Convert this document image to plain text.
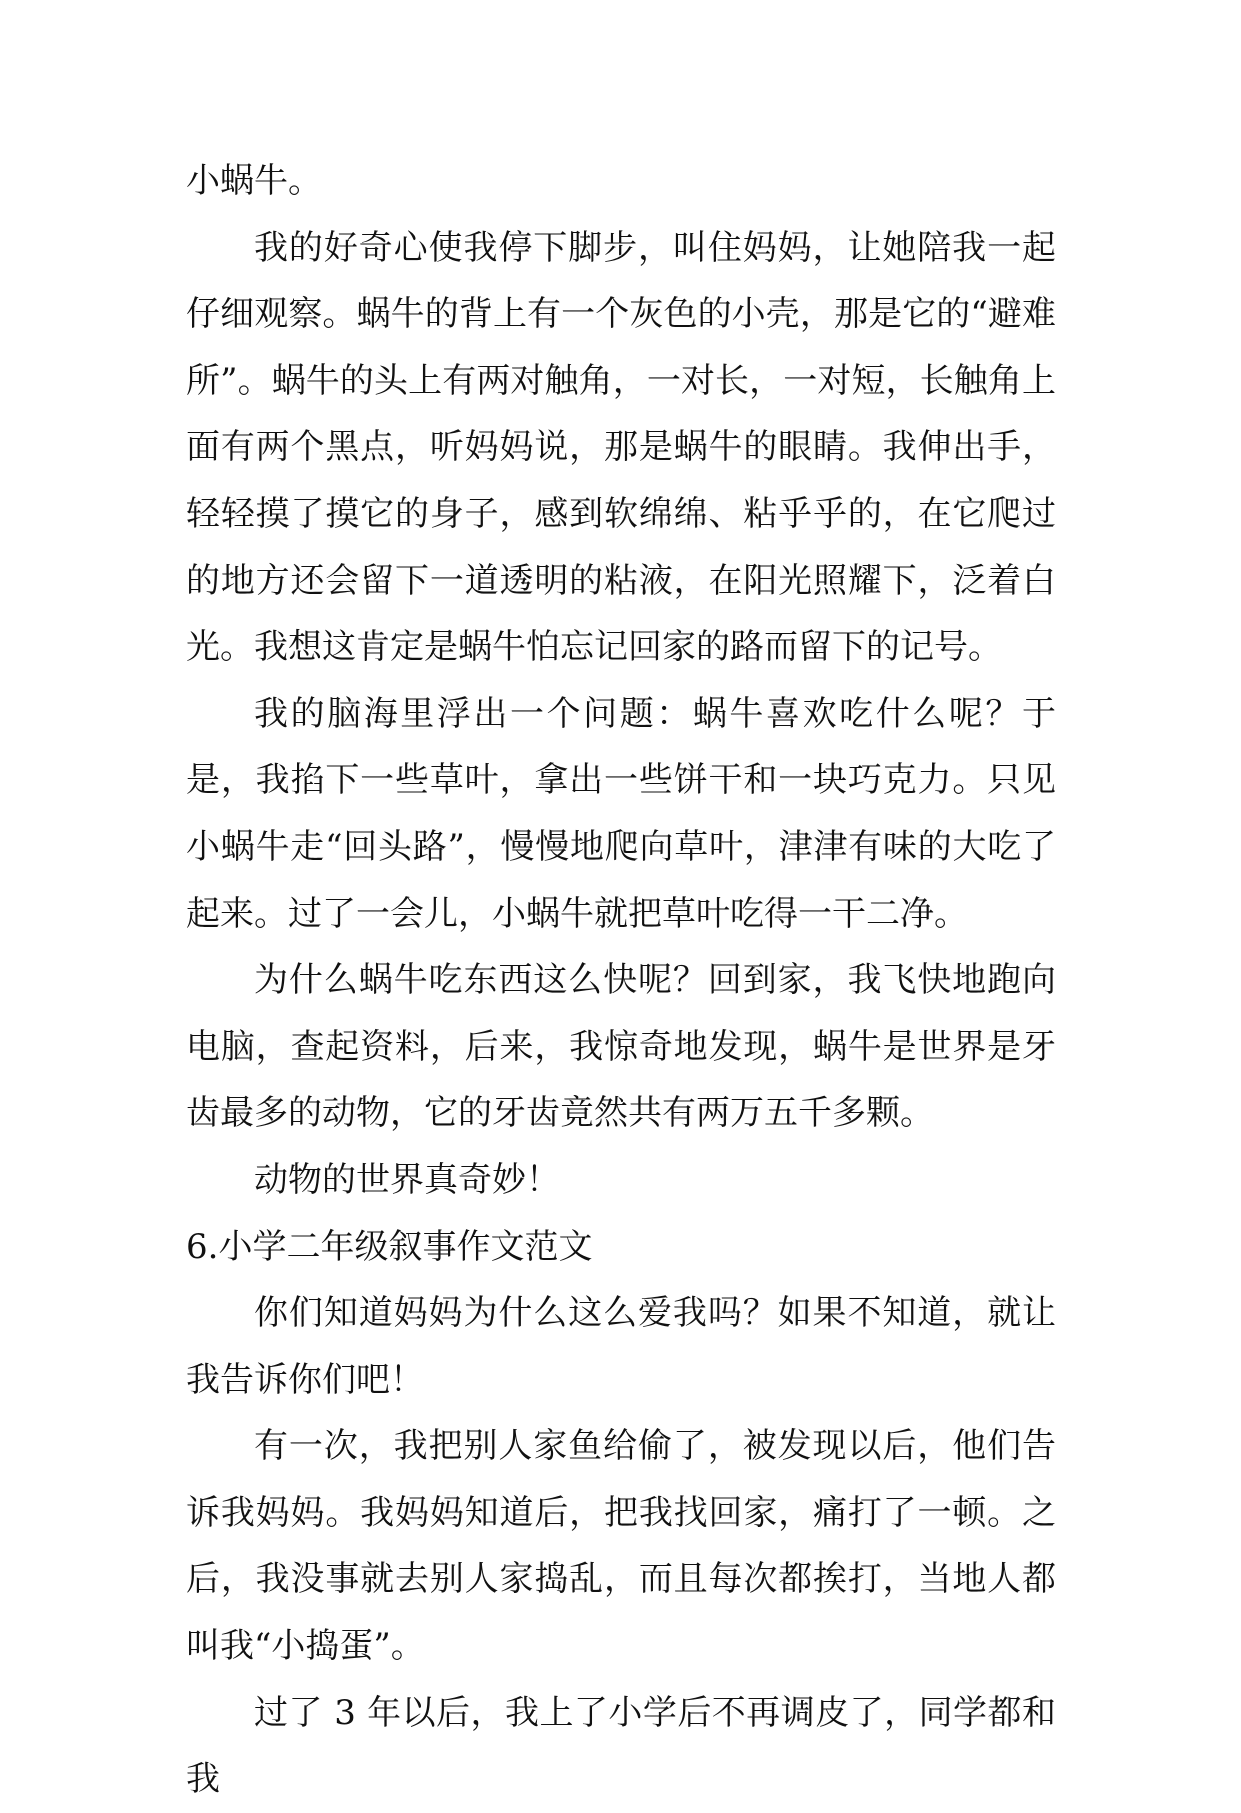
小蜗牛。

我的好奇心使我停下脚步，叫住妈妈，让她陪我一起仔细观察。蜗牛的背上有一个灰色的小壳，那是它的“避难所”。蜗牛的头上有两对触角，一对长，一对短，长触角上面有两个黑点，听妈妈说，那是蜗牛的眼睛。我伸出手，轻轻摸了摸它的身子，感到软绵绵、粘乎乎的，在它爬过的地方还会留下一道透明的粘液，在阳光照耀下，泛着白光。我想这肯定是蜗牛怕忘记回家的路而留下的记号。

我的脑海里浮出一个问题：蜗牛喜欢吃什么呢？于是，我掐下一些草叶，拿出一些饼干和一块巧克力。只见小蜗牛走“回头路”，慢慢地爬向草叶，津津有味的大吃了起来。过了一会儿，小蜗牛就把草叶吃得一干二净。

为什么蜗牛吃东西这么快呢？回到家，我飞快地跑向电脑，查起资料，后来，我惊奇地发现，蜗牛是世界是牙齿最多的动物，它的牙齿竟然共有两万五千多颗。

动物的世界真奇妙！

6.小学二年级叙事作文范文

你们知道妈妈为什么这么爱我吗？如果不知道，就让我告诉你们吧！

有一次，我把别人家鱼给偷了，被发现以后，他们告诉我妈妈。我妈妈知道后，把我找回家，痛打了一顿。之后，我没事就去别人家捣乱，而且每次都挨打，当地人都叫我“小捣蛋”。

过了 3 年以后，我上了小学后不再调皮了，同学都和我
